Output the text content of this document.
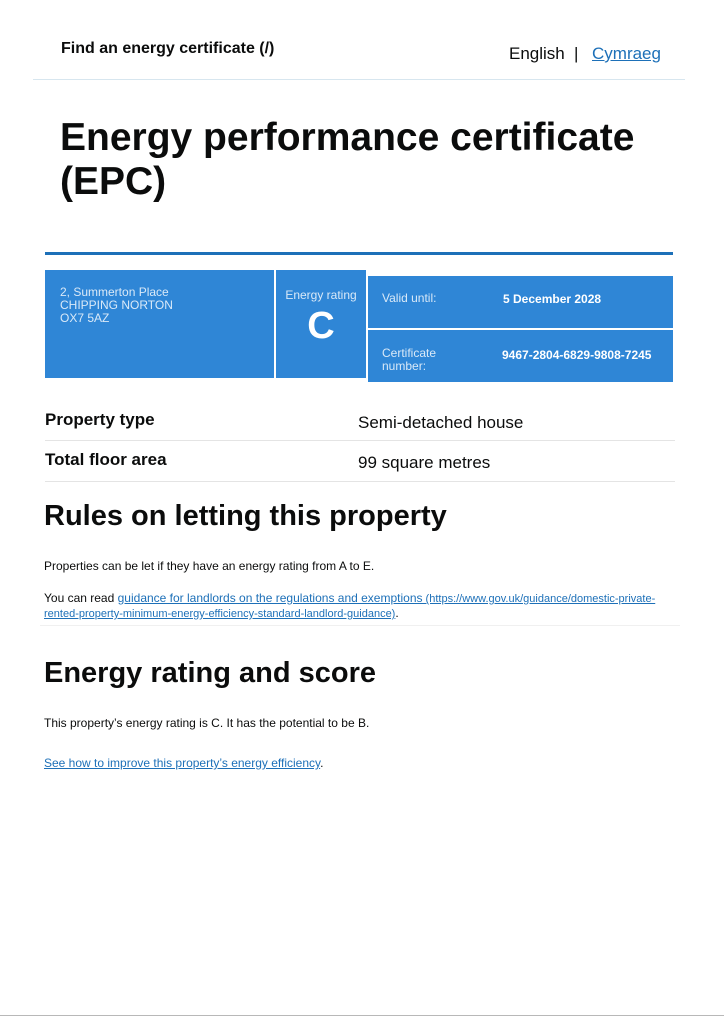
Find an energy certificate (/)	English | Cymraeg
Energy performance certificate (EPC)
2, Summerton Place
CHIPPING NORTON
OX7 5AZ
Energy rating
C
Valid until:	5 December 2028
Certificate
number:
9467-2804-6829-9808-7245
Property type	Semi-detached house
Total floor area	99 square metres
Rules on letting this property

Properties can be let if they have an energy rating from A to E.

You can read guidance for landlords on the regulations and exemptions (https://www.gov.uk/guidance/domestic-private-
rented-property-minimum-energy-efficiency-standard-landlord-guidance).

Energy rating and score

This property’s energy rating is C. It has the potential to be B.

See how to improve this property’s energy efficiency.
